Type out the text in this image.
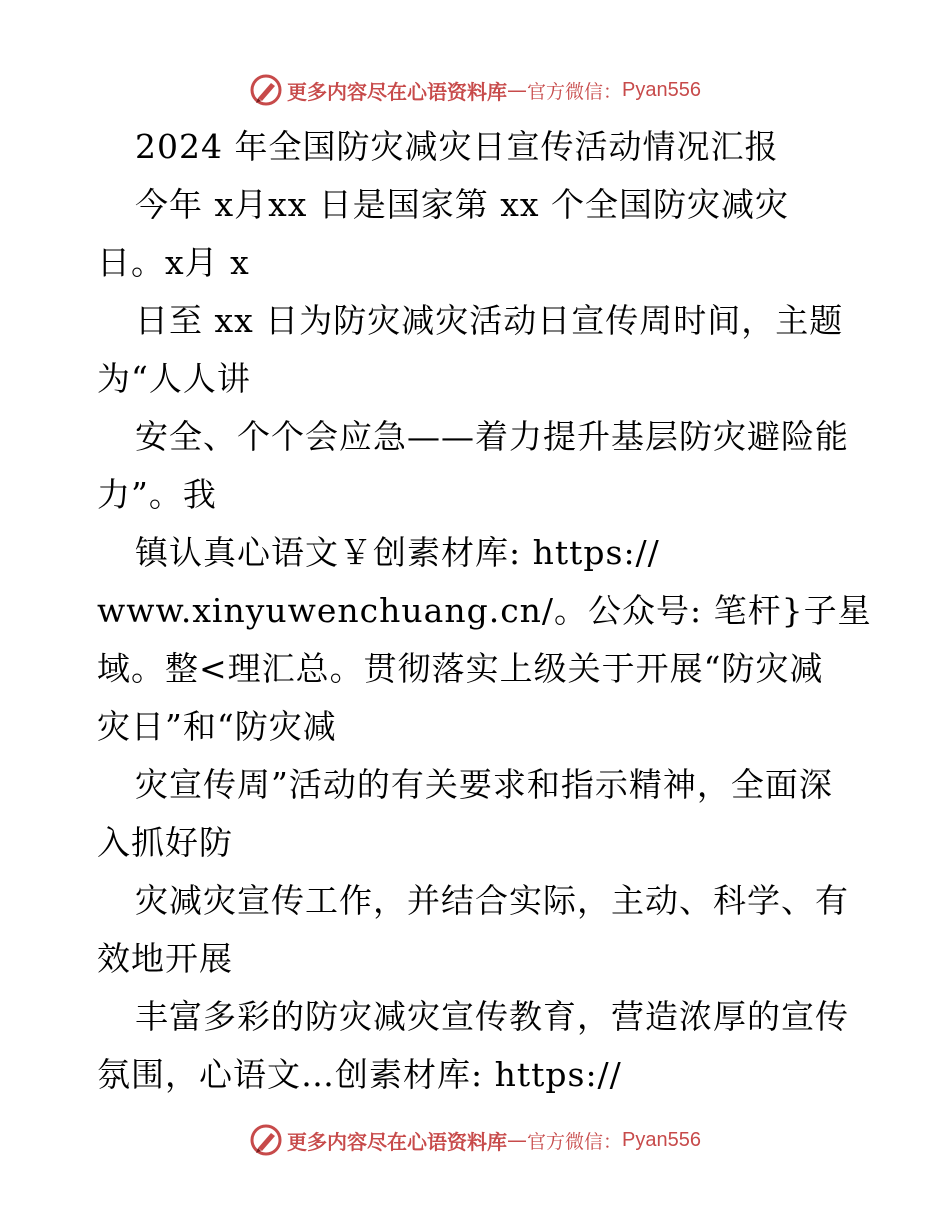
更多内容尽在心语资料库 — 官方微信： Pyan556
2024 年全国防灾减灾日宣传活动情况汇报
今年 x月xx 日是国家第 xx 个全国防灾减灾
日。x月 x
日至 xx 日为防灾减灾活动日宣传周时间，主题
为“人人讲
安全、个个会应急——着力提升基层防灾避险能
力”。我
镇认真心语文￥创素材库: https://
www.xinyuwenchuang.cn/。公众号: 笔杆}子星
域。整<理汇总。贯彻落实上级关于开展“防灾减
灾日”和“防灾减
灾宣传周”活动的有关要求和指示精神，全面深
入抓好防
灾减灾宣传工作，并结合实际，主动、科学、有
效地开展
丰富多彩的防灾减灾宣传教育，营造浓厚的宣传
氛围，心语文…创素材库: https://
更多内容尽在心语资料库 — 官方微信： Pyan556
